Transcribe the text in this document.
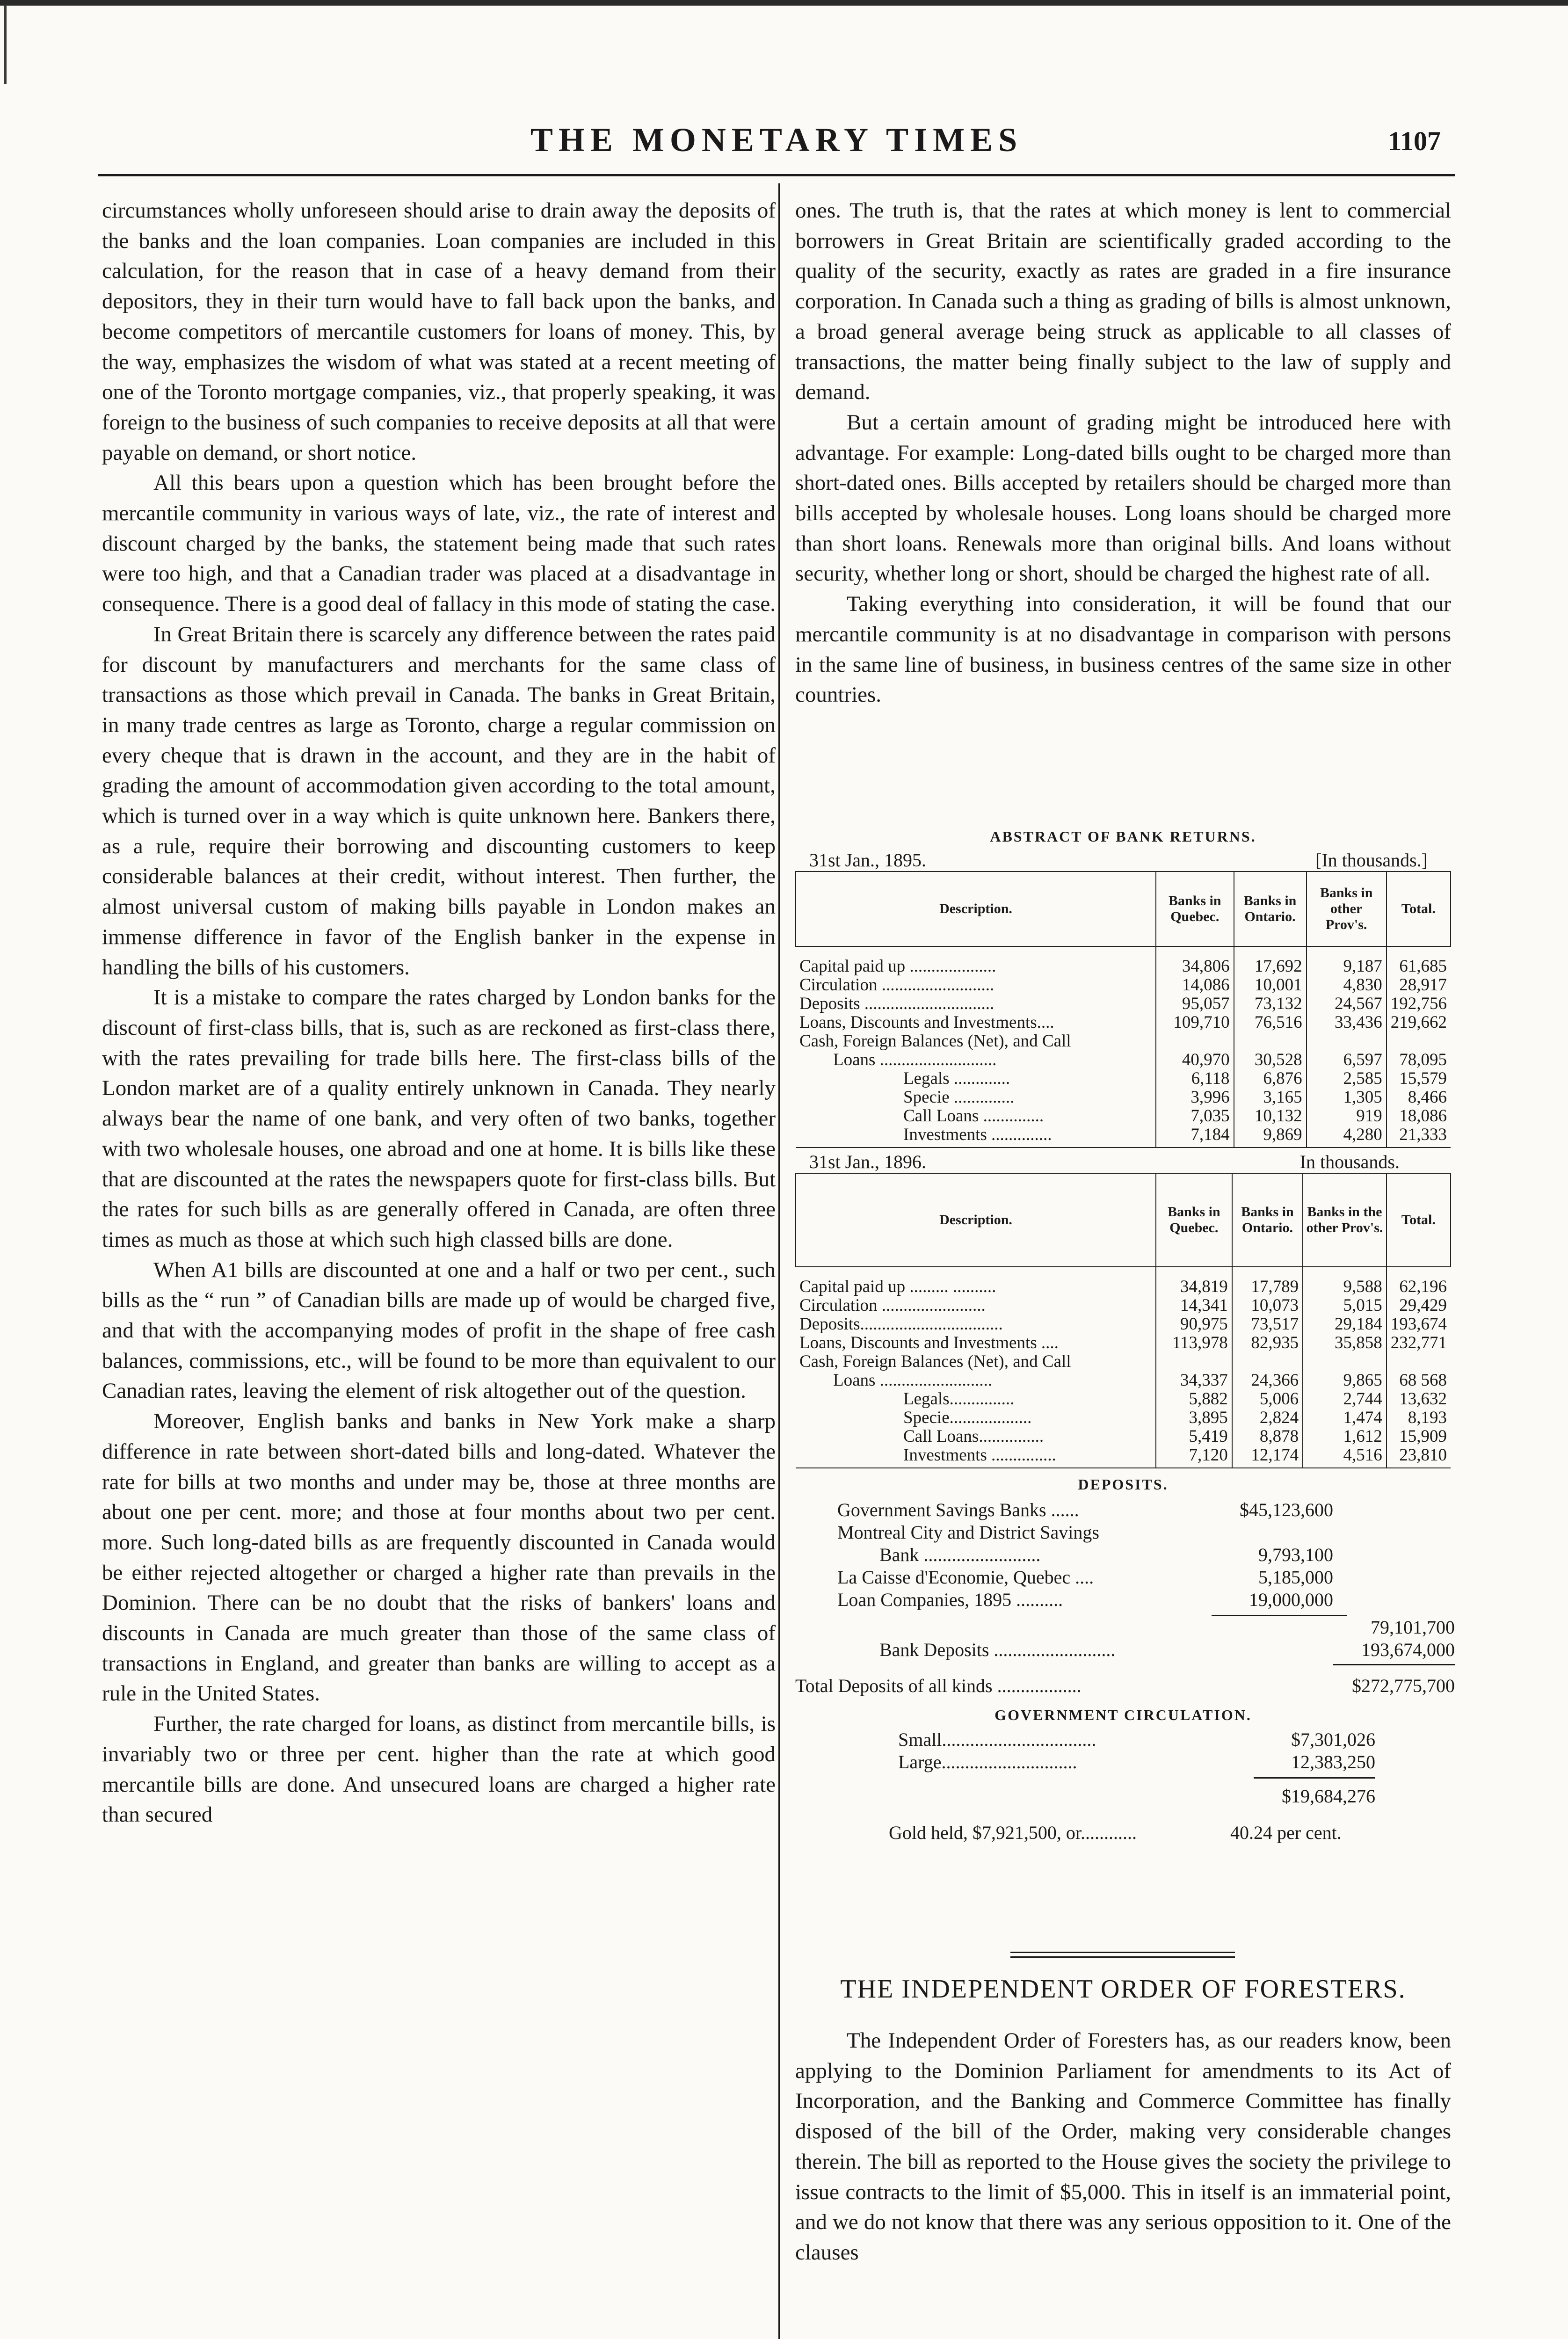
THE MONETARY TIMES	1107

circumstances wholly unforeseen should arise to drain away the deposits of the banks and the loan companies. Loan companies are included in this calculation, for the reason that in case of a heavy demand from their depositors, they in their turn would have to fall back upon the banks, and become competitors of mercantile customers for loans of money. This, by the way, emphasizes the wisdom of what was stated at a recent meeting of one of the Toronto mortgage companies, viz., that properly speaking, it was foreign to the business of such companies to receive deposits at all that were payable on demand, or short notice.

All this bears upon a question which has been brought before the mercantile community in various ways of late, viz., the rate of interest and discount charged by the banks, the statement being made that such rates were too high, and that a Canadian trader was placed at a disadvantage in consequence. There is a good deal of fallacy in this mode of stating the case.

In Great Britain there is scarcely any difference between the rates paid for discount by manufacturers and merchants for the same class of transactions as those which prevail in Canada. The banks in Great Britain, in many trade centres as large as Toronto, charge a regular commission on every cheque that is drawn in the account, and they are in the habit of grading the amount of accommodation given according to the total amount, which is turned over in a way which is quite unknown here. Bankers there, as a rule, require their borrowing and discounting customers to keep considerable balances at their credit, without interest. Then further, the almost universal custom of making bills payable in London makes an immense difference in favor of the English banker in the expense in handling the bills of his customers.

It is a mistake to compare the rates charged by London banks for the discount of first-class bills, that is, such as are reckoned as first-class there, with the rates prevailing for trade bills here. The first-class bills of the London market are of a quality entirely unknown in Canada. They nearly always bear the name of one bank, and very often of two banks, together with two wholesale houses, one abroad and one at home. It is bills like these that are discounted at the rates the newspapers quote for first-class bills. But the rates for such bills as are generally offered in Canada, are often three times as much as those at which such high classed bills are done.

When A1 bills are discounted at one and a half or two per cent., such bills as the “ run ” of Canadian bills are made up of would be charged five, and that with the accompanying modes of profit in the shape of free cash balances, commissions, etc., will be found to be more than equivalent to our Canadian rates, leaving the element of risk altogether out of the question.

Moreover, English banks and banks in New York make a sharp difference in rate between short-dated bills and long-dated. Whatever the rate for bills at two months and under may be, those at three months are about one per cent. more; and those at four months about two per cent. more. Such long-dated bills as are frequently discounted in Canada would be either rejected altogether or charged a higher rate than prevails in the Dominion. There can be no doubt that the risks of bankers' loans and discounts in Canada are much greater than those of the same class of transactions in England, and greater than banks are willing to accept as a rule in the United States.

Further, the rate charged for loans, as distinct from mercantile bills, is invariably two or three per cent. higher than the rate at which good mercantile bills are done. And unsecured loans are charged a higher rate than secured

ones. The truth is, that the rates at which money is lent to commercial borrowers in Great Britain are scientifically graded according to the quality of the security, exactly as rates are graded in a fire insurance corporation. In Canada such a thing as grading of bills is almost unknown, a broad general average being struck as applicable to all classes of transactions, the matter being finally subject to the law of supply and demand.

But a certain amount of grading might be introduced here with advantage. For example: Long-dated bills ought to be charged more than short-dated ones. Bills accepted by retailers should be charged more than bills accepted by wholesale houses. Long loans should be charged more than short loans. Renewals more than original bills. And loans without security, whether long or short, should be charged the highest rate of all.

Taking everything into consideration, it will be found that our mercantile community is at no disadvantage in comparison with persons in the same line of business, in business centres of the same size in other countries.

ABSTRACT OF BANK RETURNS.
31st Jan., 1895.	[In thousands.]
Description.	Banks in Quebec.	Banks in Ontario.	Banks in other Prov's.	Total.
Capital paid up ....................	34,806	17,692	9,187	61,685
Circulation ..........................	14,086	10,001	4,830	28,917
Deposits ..............................	95,057	73,132	24,567	192,756
Loans, Discounts and Investments....	109,710	76,516	33,436	219,662
Cash, Foreign Balances (Net), and Call				
Loans ...........................	40,970	30,528	6,597	78,095
Legals .............	6,118	6,876	2,585	15,579
Specie ..............	3,996	3,165	1,305	8,466
Call Loans ..............	7,035	10,132	919	18,086
Investments ..............	7,184	9,869	4,280	21,333
31st Jan., 1896.	In thousands.
Description.	Banks in Quebec.	Banks in Ontario.	Banks in the other Prov's.	Total.
Capital paid up ......... ..........	34,819	17,789	9,588	62,196
Circulation ........................	14,341	10,073	5,015	29,429
Deposits.................................	90,975	73,517	29,184	193,674
Loans, Discounts and Investments ....	113,978	82,935	35,858	232,771
Cash, Foreign Balances (Net), and Call				
Loans ..........................	34,337	24,366	9,865	68 568
Legals...............	5,882	5,006	2,744	13,632
Specie...................	3,895	2,824	1,474	8,193
Call Loans...............	5,419	8,878	1,612	15,909
Investments ...............	7,120	12,174	4,516	23,810
DEPOSITS.
Government Savings Banks ......	$45,123,600
Montreal City and District Savings
Bank .........................	9,793,100
La Caisse d'Economie, Quebec ....	5,185,000
Loan Companies, 1895 ..........	19,000,000
79,101,700
Bank Deposits ..........................	193,674,000
Total Deposits of all kinds ..................	$272,775,700
GOVERNMENT CIRCULATION.
Small.................................	$7,301,026
Large.............................	12,383,250
$19,684,276
Gold held, $7,921,500, or............	40.24 per cent.
THE INDEPENDENT ORDER OF FORESTERS.

The Independent Order of Foresters has, as our readers know, been applying to the Dominion Parliament for amendments to its Act of Incorporation, and the Banking and Commerce Committee has finally disposed of the bill of the Order, making very considerable changes therein. The bill as reported to the House gives the society the privilege to issue contracts to the limit of $5,000. This in itself is an immaterial point, and we do not know that there was any serious opposition to it. One of the clauses
